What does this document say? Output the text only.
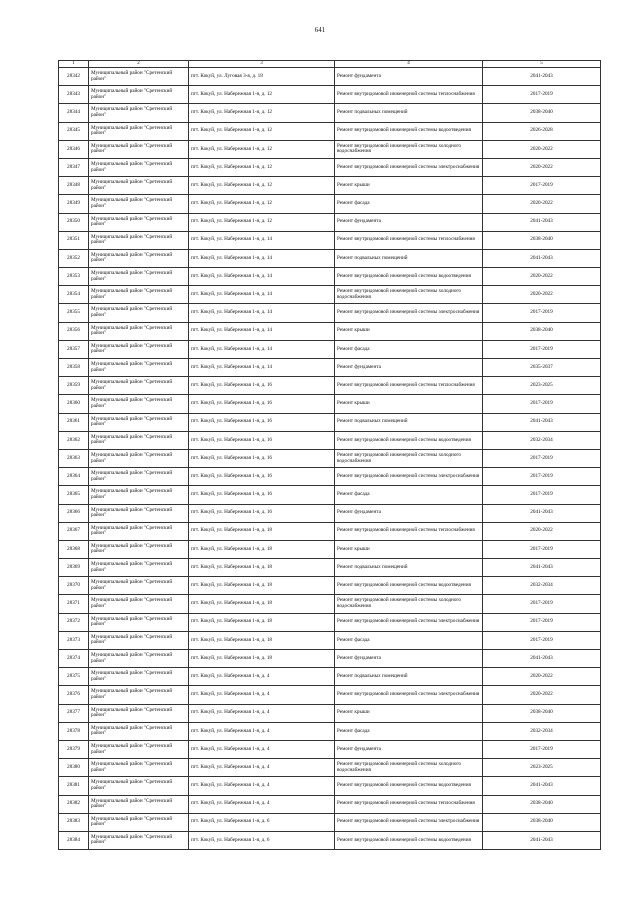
641
1	2	3	4	5
28342	Муниципальный район "Сретенский район"	пгт. Кокуй, ул. Луговая 3-я, д. 18	Ремонт фундамента	2041-2043
28343	Муниципальный район "Сретенский район"	пгт. Кокуй, ул. Набережная 1-я, д. 12	Ремонт внутридомовой инженерной системы теплоснабжения	2017-2019
28344	Муниципальный район "Сретенский район"	пгт. Кокуй, ул. Набережная 1-я, д. 12	Ремонт подвальных помещений	2038-2040
28345	Муниципальный район "Сретенский район"	пгт. Кокуй, ул. Набережная 1-я, д. 12	Ремонт внутридомовой инженерной системы водоотведения	2026-2028
28346	Муниципальный район "Сретенский район"	пгт. Кокуй, ул. Набережная 1-я, д. 12	Ремонт внутридомовой инженерной системы холодного водоснабжения	2020-2022
28347	Муниципальный район "Сретенский район"	пгт. Кокуй, ул. Набережная 1-я, д. 12	Ремонт внутридомовой инженерной системы электроснабжения	2020-2022
28348	Муниципальный район "Сретенский район"	пгт. Кокуй, ул. Набережная 1-я, д. 12	Ремонт крыши	2017-2019
28349	Муниципальный район "Сретенский район"	пгт. Кокуй, ул. Набережная 1-я, д. 12	Ремонт фасада	2020-2022
28350	Муниципальный район "Сретенский район"	пгт. Кокуй, ул. Набережная 1-я, д. 12	Ремонт фундамента	2041-2043
28351	Муниципальный район "Сретенский район"	пгт. Кокуй, ул. Набережная 1-я, д. 14	Ремонт внутридомовой инженерной системы теплоснабжения	2038-2040
28352	Муниципальный район "Сретенский район"	пгт. Кокуй, ул. Набережная 1-я, д. 14	Ремонт подвальных помещений	2041-2043
28353	Муниципальный район "Сретенский район"	пгт. Кокуй, ул. Набережная 1-я, д. 14	Ремонт внутридомовой инженерной системы водоотведения	2020-2022
28354	Муниципальный район "Сретенский район"	пгт. Кокуй, ул. Набережная 1-я, д. 14	Ремонт внутридомовой инженерной системы холодного водоснабжения	2020-2022
28355	Муниципальный район "Сретенский район"	пгт. Кокуй, ул. Набережная 1-я, д. 14	Ремонт внутридомовой инженерной системы электроснабжения	2017-2019
28356	Муниципальный район "Сретенский район"	пгт. Кокуй, ул. Набережная 1-я, д. 14	Ремонт крыши	2038-2040
28357	Муниципальный район "Сретенский район"	пгт. Кокуй, ул. Набережная 1-я, д. 14	Ремонт фасада	2017-2019
28358	Муниципальный район "Сретенский район"	пгт. Кокуй, ул. Набережная 1-я, д. 14	Ремонт фундамента	2035-2037
28359	Муниципальный район "Сретенский район"	пгт. Кокуй, ул. Набережная 1-я, д. 16	Ремонт внутридомовой инженерной системы теплоснабжения	2023-2025
28360	Муниципальный район "Сретенский район"	пгт. Кокуй, ул. Набережная 1-я, д. 16	Ремонт крыши	2017-2019
28361	Муниципальный район "Сретенский район"	пгт. Кокуй, ул. Набережная 1-я, д. 16	Ремонт подвальных помещений	2041-2043
28362	Муниципальный район "Сретенский район"	пгт. Кокуй, ул. Набережная 1-я, д. 16	Ремонт внутридомовой инженерной системы водоотведения	2032-2034
28363	Муниципальный район "Сретенский район"	пгт. Кокуй, ул. Набережная 1-я, д. 16	Ремонт внутридомовой инженерной системы холодного водоснабжения	2017-2019
28364	Муниципальный район "Сретенский район"	пгт. Кокуй, ул. Набережная 1-я, д. 16	Ремонт внутридомовой инженерной системы электроснабжения	2017-2019
28365	Муниципальный район "Сретенский район"	пгт. Кокуй, ул. Набережная 1-я, д. 16	Ремонт фасада	2017-2019
28366	Муниципальный район "Сретенский район"	пгт. Кокуй, ул. Набережная 1-я, д. 16	Ремонт фундамента	2041-2043
28367	Муниципальный район "Сретенский район"	пгт. Кокуй, ул. Набережная 1-я, д. 18	Ремонт внутридомовой инженерной системы теплоснабжения	2020-2022
28368	Муниципальный район "Сретенский район"	пгт. Кокуй, ул. Набережная 1-я, д. 18	Ремонт крыши	2017-2019
28369	Муниципальный район "Сретенский район"	пгт. Кокуй, ул. Набережная 1-я, д. 18	Ремонт подвальных помещений	2041-2043
28370	Муниципальный район "Сретенский район"	пгт. Кокуй, ул. Набережная 1-я, д. 18	Ремонт внутридомовой инженерной системы водоотведения	2032-2034
28371	Муниципальный район "Сретенский район"	пгт. Кокуй, ул. Набережная 1-я, д. 18	Ремонт внутридомовой инженерной системы холодного водоснабжения	2017-2019
28372	Муниципальный район "Сретенский район"	пгт. Кокуй, ул. Набережная 1-я, д. 18	Ремонт внутридомовой инженерной системы электроснабжения	2017-2019
28373	Муниципальный район "Сретенский район"	пгт. Кокуй, ул. Набережная 1-я, д. 18	Ремонт фасада	2017-2019
28374	Муниципальный район "Сретенский район"	пгт. Кокуй, ул. Набережная 1-я, д. 18	Ремонт фундамента	2041-2043
28375	Муниципальный район "Сретенский район"	пгт. Кокуй, ул. Набережная 1-я, д. 4	Ремонт подвальных помещений	2020-2022
28376	Муниципальный район "Сретенский район"	пгт. Кокуй, ул. Набережная 1-я, д. 4	Ремонт внутридомовой инженерной системы электроснабжения	2020-2022
28377	Муниципальный район "Сретенский район"	пгт. Кокуй, ул. Набережная 1-я, д. 4	Ремонт крыши	2038-2040
28378	Муниципальный район "Сретенский район"	пгт. Кокуй, ул. Набережная 1-я, д. 4	Ремонт фасада	2032-2034
28379	Муниципальный район "Сретенский район"	пгт. Кокуй, ул. Набережная 1-я, д. 4	Ремонт фундамента	2017-2019
28380	Муниципальный район "Сретенский район"	пгт. Кокуй, ул. Набережная 1-я, д. 4	Ремонт внутридомовой инженерной системы холодного водоснабжения	2023-2025
28381	Муниципальный район "Сретенский район"	пгт. Кокуй, ул. Набережная 1-я, д. 4	Ремонт внутридомовой инженерной системы водоотведения	2041-2043
28382	Муниципальный район "Сретенский район"	пгт. Кокуй, ул. Набережная 1-я, д. 4	Ремонт внутридомовой инженерной системы теплоснабжения	2038-2040
28383	Муниципальный район "Сретенский район"	пгт. Кокуй, ул. Набережная 1-я, д. 6	Ремонт внутридомовой инженерной системы электроснабжения	2038-2040
28384	Муниципальный район "Сретенский район"	пгт. Кокуй, ул. Набережная 1-я, д. 6	Ремонт внутридомовой инженерной системы водоотведения	2041-2043
